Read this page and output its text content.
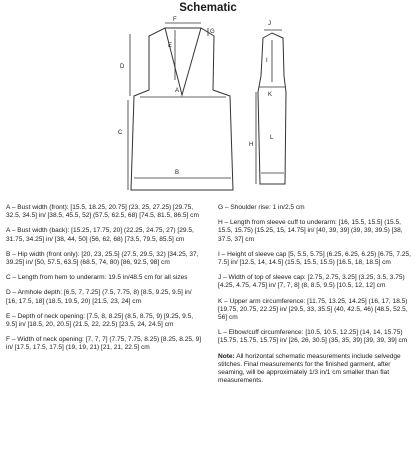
Schematic
F
G
E
D
A
C
B
J
I
K
H
L
A – Bust width (front): [15.5, 18.25, 20.75] (23, 25, 27.25) [29.75, 32.5, 34.5] in/ [38.5, 45.5, 52] (57.5, 62.5, 68) [74.5, 81.5, 86.5] cm
A – Bust width (back): [15.25, 17.75, 20] (22.25, 24.75, 27) [29.5, 31.75, 34.25] in/ [38, 44, 50] (56, 62, 68) [73.5, 79.5, 85.5] cm
B – Hip width (front only): [20, 23, 25.5] (27.5, 29.5, 32) [34.25, 37, 39.25] in/ [50, 57.5, 63.5] (68.5, 74, 80) [86, 92.5, 98] cm
C – Length from hem to underarm: 19.5 in/48.5 cm for all sizes
D – Armhole depth: [6.5, 7, 7.25] (7.5, 7.75, 8) [8.5, 9.25, 9.5] in/ [16, 17.5, 18] (18.5, 19.5, 20) [21.5, 23, 24] cm
E – Depth of neck opening: [7.5, 8, 8.25] (8.5, 8.75, 9) [9.25, 9.5, 9.5] in/ [18.5, 20, 20.5] (21.5, 22, 22.5) [23.5, 24, 24.5] cm
F – Width of neck opening: [7, 7, 7] (7.75, 7.75, 8.25) [8.25, 8.25, 9] in/ [17.5, 17.5, 17.5] (19, 19, 21) [21, 21, 22.5] cm
G – Shoulder rise: 1 in/2.5 cm
H – Length from sleeve cuff to underarm: [16, 15.5, 15.5] (15.5, 15.5, 15.75) [15.25, 15, 14.75] in/ [40, 39, 39] (39, 39, 39.5) [38, 37.5, 37] cm
I – Height of sleeve cap [5, 5.5, 5.75] (6.25, 6.25, 6.25) [6.75, 7.25, 7.5] in/ [12.5, 14, 14.5] (15.5, 15.5, 15.5) [16.5, 18, 18.5] cm
J – Width of top of sleeve cap: [2.75, 2.75, 3.25] (3.25, 3.5, 3.75) [4.25, 4.75, 4.75] in/ [7, 7, 8] (8, 8.5, 9.5) [10.5, 12, 12] cm
K – Upper arm circumference: [11.75, 13.25, 14.25] (16, 17, 18.5) [19.75, 20.75, 22.25] in/ [29.5, 33, 35.5] (40, 42.5, 46) [48.5, 52.5, 56] cm
L – Elbow/cuff circumference: [10.5, 10.5, 12.25] (14, 14, 15.75) [15.75, 15.75, 15.75] in/ [26, 26, 30.5] (35, 35, 39) [39, 39, 39] cm
Note: All horizontal schematic measurements include selvedge stitches. Final measurements for the finished garment, after seaming, will be approximately 1/3 in/1 cm smaller than flat measurements.
